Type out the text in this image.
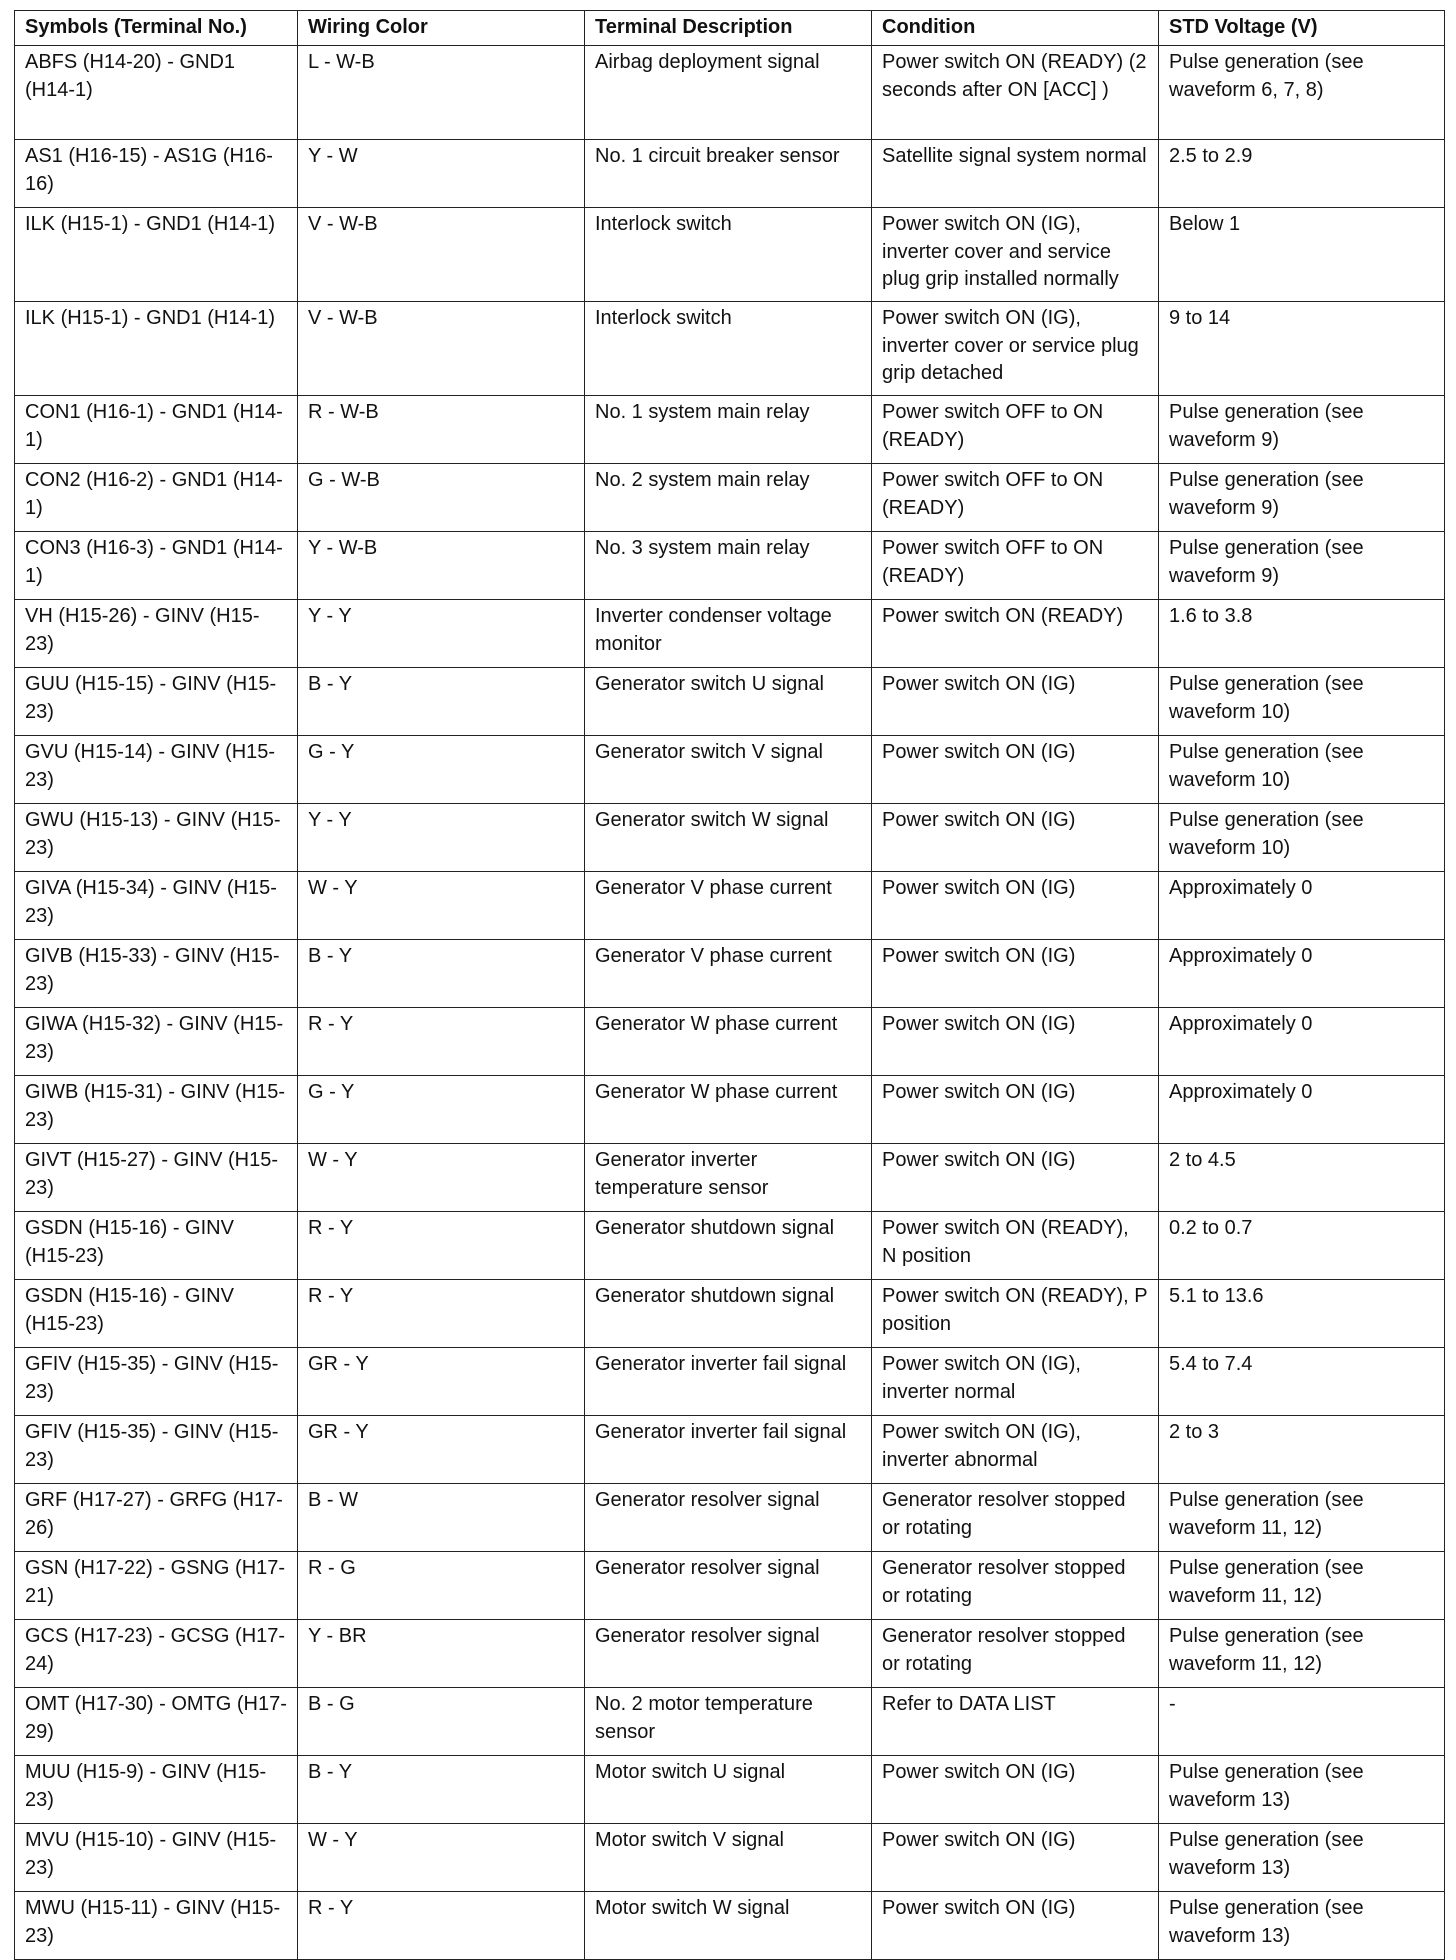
Symbols (Terminal No.)	Wiring Color	Terminal Description	Condition	STD Voltage (V)
ABFS (H14-20) - GND1 (H14-1)	L - W-B	Airbag deployment signal	Power switch ON (READY) (2 seconds after ON [ACC] )	Pulse generation (see waveform 6, 7, 8)
AS1 (H16-15) - AS1G (H16-16)	Y - W	No. 1 circuit breaker sensor	Satellite signal system normal	2.5 to 2.9
ILK (H15-1) - GND1 (H14-1)	V - W-B	Interlock switch	Power switch ON (IG), inverter cover and service plug grip installed normally	Below 1
ILK (H15-1) - GND1 (H14-1)	V - W-B	Interlock switch	Power switch ON (IG), inverter cover or service plug grip detached	9 to 14
CON1 (H16-1) - GND1 (H14-1)	R - W-B	No. 1 system main relay	Power switch OFF to ON (READY)	Pulse generation (see waveform 9)
CON2 (H16-2) - GND1 (H14-1)	G - W-B	No. 2 system main relay	Power switch OFF to ON (READY)	Pulse generation (see waveform 9)
CON3 (H16-3) - GND1 (H14-1)	Y - W-B	No. 3 system main relay	Power switch OFF to ON (READY)	Pulse generation (see waveform 9)
VH (H15-26) - GINV (H15-23)	Y - Y	Inverter condenser voltage monitor	Power switch ON (READY)	1.6 to 3.8
GUU (H15-15) - GINV (H15-23)	B - Y	Generator switch U signal	Power switch ON (IG)	Pulse generation (see waveform 10)
GVU (H15-14) - GINV (H15-23)	G - Y	Generator switch V signal	Power switch ON (IG)	Pulse generation (see waveform 10)
GWU (H15-13) - GINV (H15-23)	Y - Y	Generator switch W signal	Power switch ON (IG)	Pulse generation (see waveform 10)
GIVA (H15-34) - GINV (H15-23)	W - Y	Generator V phase current	Power switch ON (IG)	Approximately 0
GIVB (H15-33) - GINV (H15-23)	B - Y	Generator V phase current	Power switch ON (IG)	Approximately 0
GIWA (H15-32) - GINV (H15-23)	R - Y	Generator W phase current	Power switch ON (IG)	Approximately 0
GIWB (H15-31) - GINV (H15-23)	G - Y	Generator W phase current	Power switch ON (IG)	Approximately 0
GIVT (H15-27) - GINV (H15-23)	W - Y	Generator inverter temperature sensor	Power switch ON (IG)	2 to 4.5
GSDN (H15-16) - GINV (H15-23)	R - Y	Generator shutdown signal	Power switch ON (READY), N position	0.2 to 0.7
GSDN (H15-16) - GINV (H15-23)	R - Y	Generator shutdown signal	Power switch ON (READY), P position	5.1 to 13.6
GFIV (H15-35) - GINV (H15-23)	GR - Y	Generator inverter fail signal	Power switch ON (IG), inverter normal	5.4 to 7.4
GFIV (H15-35) - GINV (H15-23)	GR - Y	Generator inverter fail signal	Power switch ON (IG), inverter abnormal	2 to 3
GRF (H17-27) - GRFG (H17-26)	B - W	Generator resolver signal	Generator resolver stopped or rotating	Pulse generation (see waveform 11, 12)
GSN (H17-22) - GSNG (H17-21)	R - G	Generator resolver signal	Generator resolver stopped or rotating	Pulse generation (see waveform 11, 12)
GCS (H17-23) - GCSG (H17-24)	Y - BR	Generator resolver signal	Generator resolver stopped or rotating	Pulse generation (see waveform 11, 12)
OMT (H17-30) - OMTG (H17-29)	B - G	No. 2 motor temperature sensor	Refer to DATA LIST	-
MUU (H15-9) - GINV (H15-23)	B - Y	Motor switch U signal	Power switch ON (IG)	Pulse generation (see waveform 13)
MVU (H15-10) - GINV (H15-23)	W - Y	Motor switch V signal	Power switch ON (IG)	Pulse generation (see waveform 13)
MWU (H15-11) - GINV (H15-23)	R - Y	Motor switch W signal	Power switch ON (IG)	Pulse generation (see waveform 13)
